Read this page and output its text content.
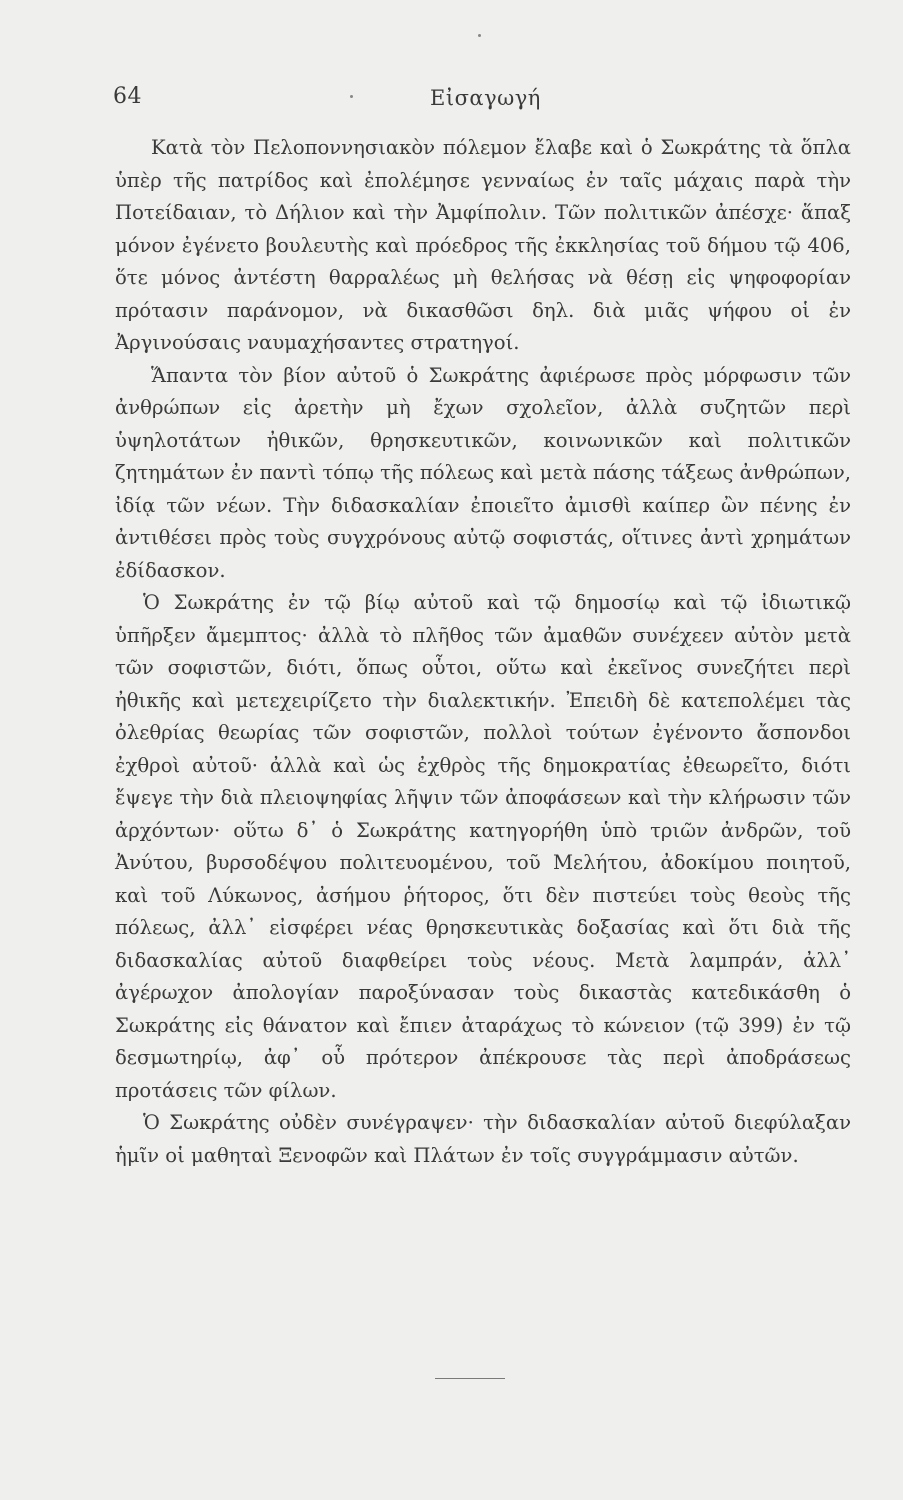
64	Εἰσαγωγή

Κατὰ τὸν Πελοποννησιακὸν πόλεμον ἔλαβε καὶ ὁ Σωκράτης τὰ ὅπλα ὑπὲρ τῆς πατρίδος καὶ ἐπολέμησε γενναίως ἐν ταῖς μάχαις παρὰ τὴν Ποτείδαιαν, τὸ Δήλιον καὶ τὴν Ἀμφίπολιν. Τῶν πολιτικῶν ἀπέσχε· ἅπαξ μόνον ἐγένετο βουλευτὴς καὶ πρόεδρος τῆς ἐκκλησίας τοῦ δήμου τῷ 406, ὅτε μόνος ἀντέστη θαρραλέως μὴ θελήσας νὰ θέσῃ εἰς ψηφοφορίαν πρότασιν παράνομον, νὰ δικασθῶσι δηλ. διὰ μιᾶς ψήφου οἱ ἐν Ἀργινούσαις ναυμαχήσαντες στρατηγοί.

Ἅπαντα τὸν βίον αὐτοῦ ὁ Σωκράτης ἀφιέρωσε πρὸς μόρφωσιν τῶν ἀνθρώπων εἰς ἀρετὴν μὴ ἔχων σχολεῖον, ἀλλὰ συζητῶν περὶ ὑψηλοτάτων ἠθικῶν, θρησκευτικῶν, κοινωνικῶν καὶ πολιτικῶν ζητημάτων ἐν παντὶ τόπῳ τῆς πόλεως καὶ μετὰ πάσης τάξεως ἀνθρώπων, ἰδίᾳ τῶν νέων. Τὴν διδασκαλίαν ἐποιεῖτο ἀμισθὶ καίπερ ὢν πένης ἐν ἀντιθέσει πρὸς τοὺς συγχρόνους αὐτῷ σοφιστάς, οἵτινες ἀντὶ χρημάτων ἐδίδασκον.

Ὁ Σωκράτης ἐν τῷ βίῳ αὐτοῦ καὶ τῷ δημοσίῳ καὶ τῷ ἰδιωτικῷ ὑπῆρξεν ἄμεμπτος· ἀλλὰ τὸ πλῆθος τῶν ἀμαθῶν συνέχεεν αὐτὸν μετὰ τῶν σοφιστῶν, διότι, ὅπως οὗτοι, οὕτω καὶ ἐκεῖνος συνεζήτει περὶ ἠθικῆς καὶ μετεχειρίζετο τὴν διαλεκτικήν. Ἐπειδὴ δὲ κατεπολέμει τὰς ὀλεθρίας θεωρίας τῶν σοφιστῶν, πολλοὶ τούτων ἐγένοντο ἄσπονδοι ἐχθροὶ αὐτοῦ· ἀλλὰ καὶ ὡς ἐχθρὸς τῆς δημοκρατίας ἐθεωρεῖτο, διότι ἔψεγε τὴν διὰ πλειοψηφίας λῆψιν τῶν ἀποφάσεων καὶ τὴν κλήρωσιν τῶν ἀρχόντων· οὕτω δ᾽ ὁ Σωκράτης κατηγορήθη ὑπὸ τριῶν ἀνδρῶν, τοῦ Ἀνύτου, βυρσοδέψου πολιτευομένου, τοῦ Μελήτου, ἀδοκίμου ποιητοῦ, καὶ τοῦ Λύκωνος, ἀσήμου ῥήτορος, ὅτι δὲν πιστεύει τοὺς θεοὺς τῆς πόλεως, ἀλλ᾽ εἰσφέρει νέας θρησκευτικὰς δοξασίας καὶ ὅτι διὰ τῆς διδασκαλίας αὐτοῦ διαφθείρει τοὺς νέους. Μετὰ λαμπράν, ἀλλ᾽ ἀγέρωχον ἀπολογίαν παροξύνασαν τοὺς δικαστὰς κατεδικάσθη ὁ Σωκράτης εἰς θάνατον καὶ ἔπιεν ἀταράχως τὸ κώνειον (τῷ 399) ἐν τῷ δεσμωτηρίῳ, ἀφ᾽ οὗ πρότερον ἀπέκρουσε τὰς περὶ ἀποδράσεως προτάσεις τῶν φίλων.

Ὁ Σωκράτης οὐδὲν συνέγραψεν· τὴν διδασκαλίαν αὐτοῦ διεφύλαξαν ἡμῖν οἱ μαθηταὶ Ξενοφῶν καὶ Πλάτων ἐν τοῖς συγγράμμασιν αὐτῶν.
